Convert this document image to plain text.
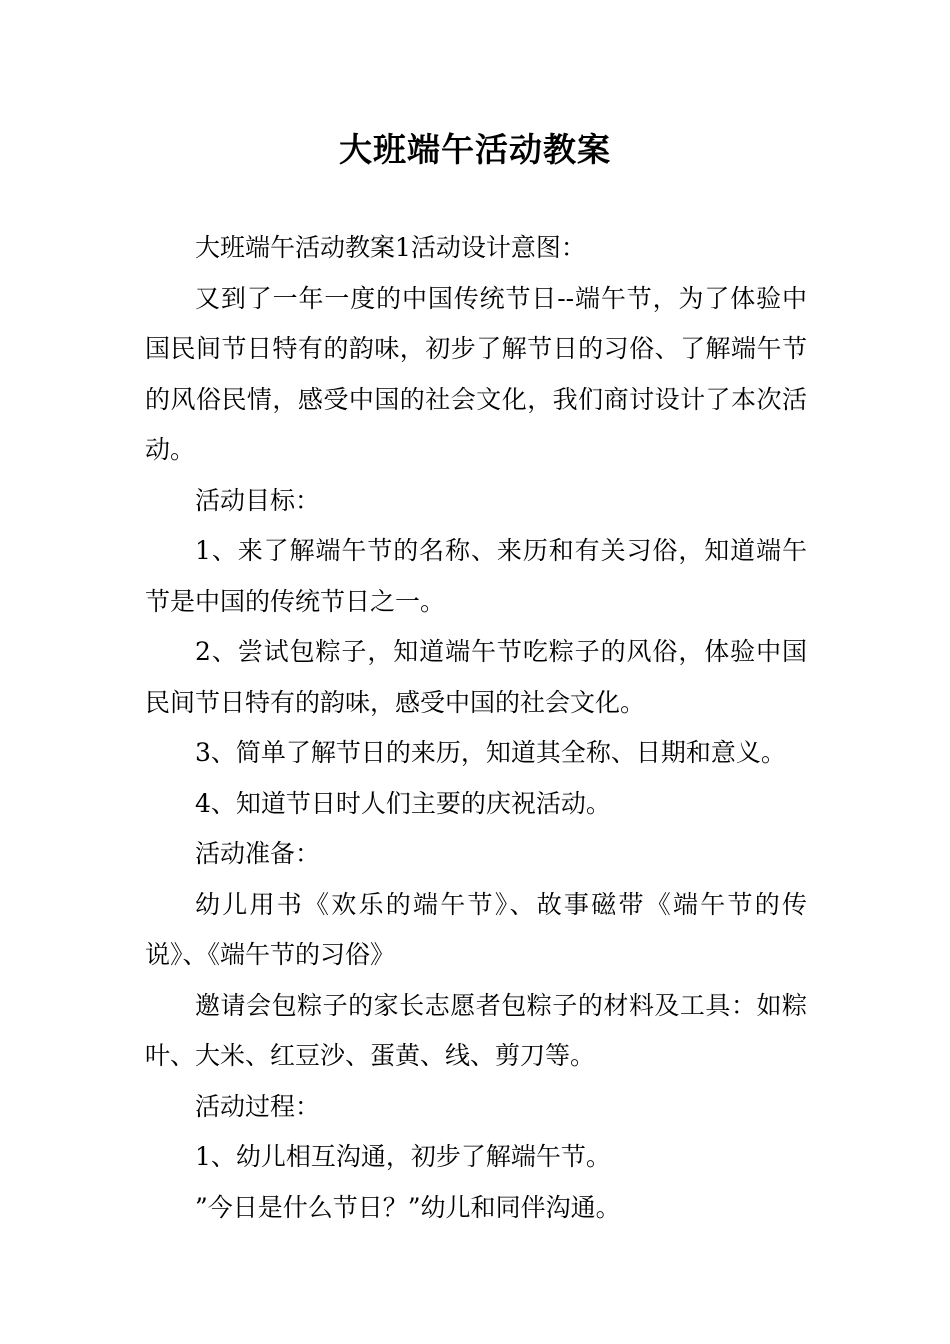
大班端午活动教案

大班端午活动教案1活动设计意图：

又到了一年一度的中国传统节日--端午节，为了体验中国民间节日特有的韵味，初步了解节日的习俗、了解端午节的风俗民情，感受中国的社会文化，我们商讨设计了本次活动。

活动目标：

1、来了解端午节的名称、来历和有关习俗，知道端午节是中国的传统节日之一。

2、尝试包粽子，知道端午节吃粽子的风俗，体验中国民间节日特有的韵味，感受中国的社会文化。

3、简单了解节日的来历，知道其全称、日期和意义。

4、知道节日时人们主要的庆祝活动。

活动准备：

幼儿用书《欢乐的端午节》、故事磁带《端午节的传说》、《端午节的习俗》

邀请会包粽子的家长志愿者包粽子的材料及工具：如粽叶、大米、红豆沙、蛋黄、线、剪刀等。

活动过程：

1、幼儿相互沟通，初步了解端午节。

”今日是什么节日？”幼儿和同伴沟通。
